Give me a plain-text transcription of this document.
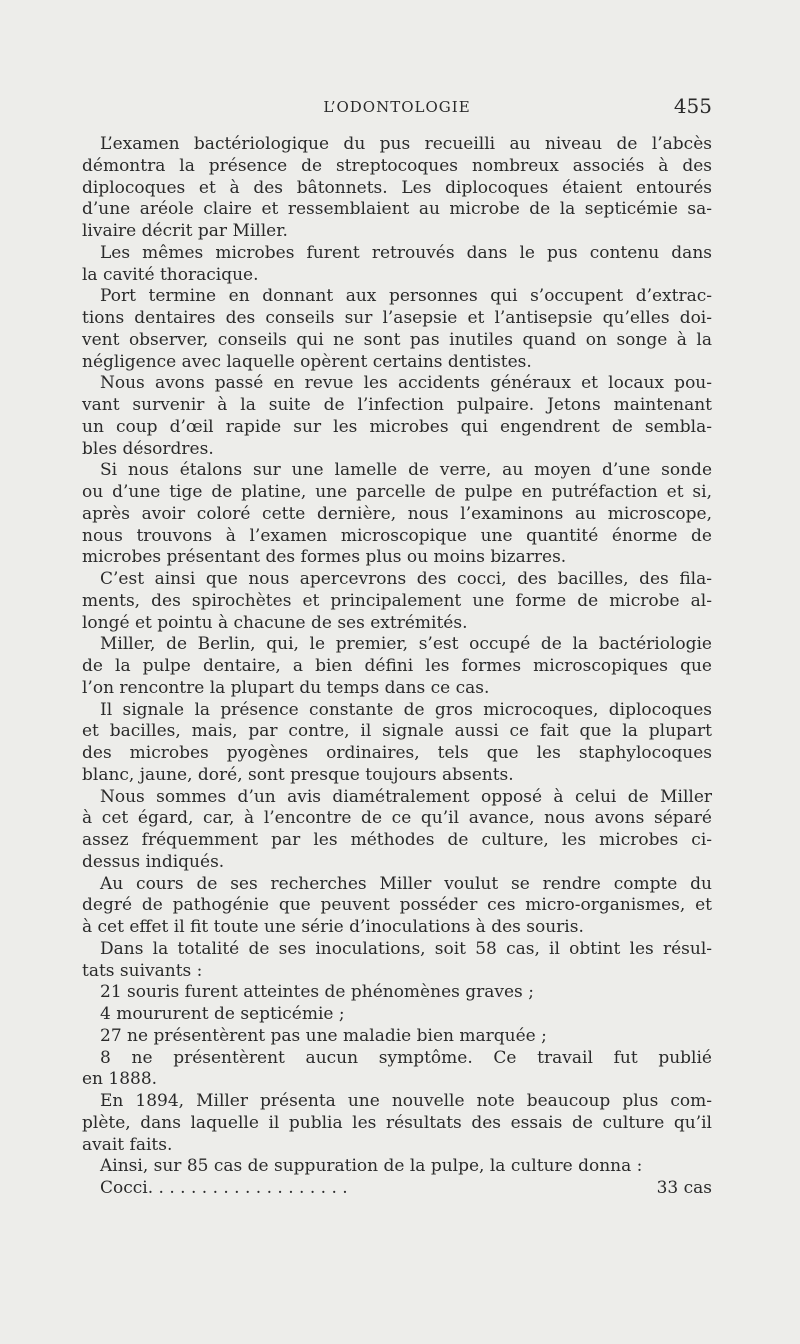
L’ODONTOLOGIE	455
L’examen bactériologique du pus recueilli au niveau de l’abcès
démontra la présence de streptocoques nombreux associés à des
diplocoques et à des bâtonnets. Les diplocoques étaient entourés
d’une aréole claire et ressemblaient au microbe de la septicémie sa-
livaire décrit par Miller.
Les mêmes microbes furent retrouvés dans le pus contenu dans
la cavité thoracique.
Port termine en donnant aux personnes qui s’occupent d’extrac-
tions dentaires des conseils sur l’asepsie et l’antisepsie qu’elles doi-
vent observer, conseils qui ne sont pas inutiles quand on songe à la
négligence avec laquelle opèrent certains dentistes.
Nous avons passé en revue les accidents généraux et locaux pou-
vant survenir à la suite de l’infection pulpaire. Jetons maintenant
un coup d’œil rapide sur les microbes qui engendrent de sembla-
bles désordres.
Si nous étalons sur une lamelle de verre, au moyen d’une sonde
ou d’une tige de platine, une parcelle de pulpe en putréfaction et si,
après avoir coloré cette dernière, nous l’examinons au microscope,
nous trouvons à l’examen microscopique une quantité énorme de
microbes présentant des formes plus ou moins bizarres.
C’est ainsi que nous apercevrons des cocci, des bacilles, des fila-
ments, des spirochètes et principalement une forme de microbe al-
longé et pointu à chacune de ses extrémités.
Miller, de Berlin, qui, le premier, s’est occupé de la bactériologie
de la pulpe dentaire, a bien défini les formes microscopiques que
l’on rencontre la plupart du temps dans ce cas.
Il signale la présence constante de gros microcoques, diplocoques
et bacilles, mais, par contre, il signale aussi ce fait que la plupart
des microbes pyogènes ordinaires, tels que les staphylocoques
blanc, jaune, doré, sont presque toujours absents.
Nous sommes d’un avis diamétralement opposé à celui de Miller
à cet égard, car, à l’encontre de ce qu’il avance, nous avons séparé
assez fréquemment par les méthodes de culture, les microbes ci-
dessus indiqués.
Au cours de ses recherches Miller voulut se rendre compte du
degré de pathogénie que peuvent posséder ces micro-organismes, et
à cet effet il fit toute une série d’inoculations à des souris.
Dans la totalité de ses inoculations, soit 58 cas, il obtint les résul-
tats suivants :
21 souris furent atteintes de phénomènes graves ;
4 moururent de septicémie ;
27 ne présentèrent pas une maladie bien marquée ;
8 ne présentèrent aucun symptôme. Ce travail fut publié
en 1888.
En 1894, Miller présenta une nouvelle note beaucoup plus com-
plète, dans laquelle il publia les résultats des essais de culture qu’il
avait faits.
Ainsi, sur 85 cas de suppuration de la pulpe, la culture donna :
Cocci. . . . . . . . . . . . . . . . . . .	33 cas
